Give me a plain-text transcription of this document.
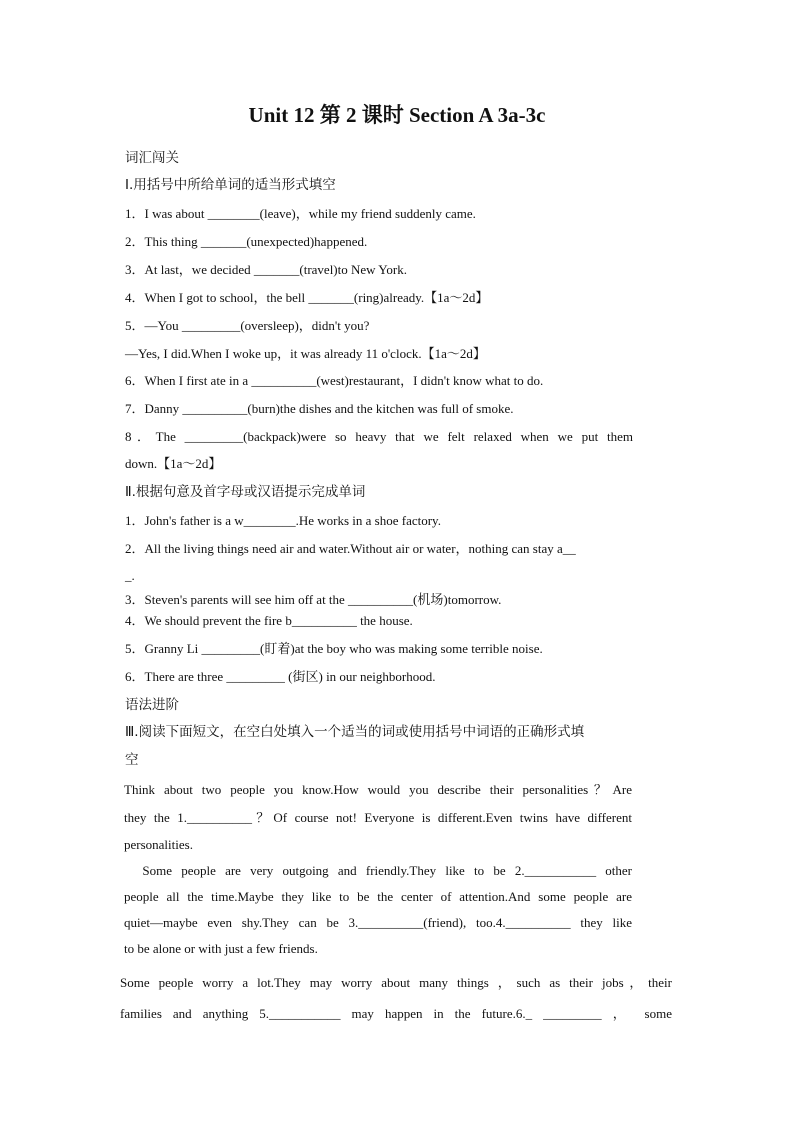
Unit 12 第 2 课时 Section A 3a-3c
词汇闯关
Ⅰ.用括号中所给单词的适当形式填空
1．I was about ________(leave)，while my friend suddenly came.
2．This thing _______(unexpected)happened.
3．At last，we decided _______(travel)to New York.
4．When I got to school，the bell _______(ring)already.【1a～2d】
5．—You _________(oversleep)，didn't you?
—Yes, I did.When I woke up，it was already 11 o'clock.【1a～2d】
6．When I first ate in a __________(west)restaurant，I didn't know what to do.
7．Danny __________(burn)the dishes and the kitchen was full of smoke.
8．The _________(backpack)were so heavy that we felt relaxed when we put them
down.【1a～2d】
Ⅱ.根据句意及首字母或汉语提示完成单词
1．John's father is a w________.He works in a shoe factory.
2．All the living things need air and water.Without air or water，nothing can stay a__
_.
3．Steven's parents will see him off at the __________(机场)tomorrow.
4．We should prevent the fire b__________ the house.
5．Granny Li _________(盯着)at the boy who was making some terrible noise.
6．There are three _________ (街区) in our neighborhood.
语法进阶
Ⅲ.阅读下面短文，在空白处填入一个适当的词或使用括号中词语的正确形式填
空
Think about two people you know.How would you describe their personalities？Are
they the 1.__________？Of course not! Everyone is different.Even twins have different
personalities.
Some people are very outgoing and friendly.They like to be 2.___________ other
people all the time.Maybe they like to be the center of attention.And some people are
quiet—maybe even shy.They can be 3.__________(friend), too.4.__________ they like
to be alone or with just a few friends.
Some people worry a lot.They may worry about many things ，such as their jobs，their
families and anything 5.___________ may happen in the future.6._ _________ ， some
